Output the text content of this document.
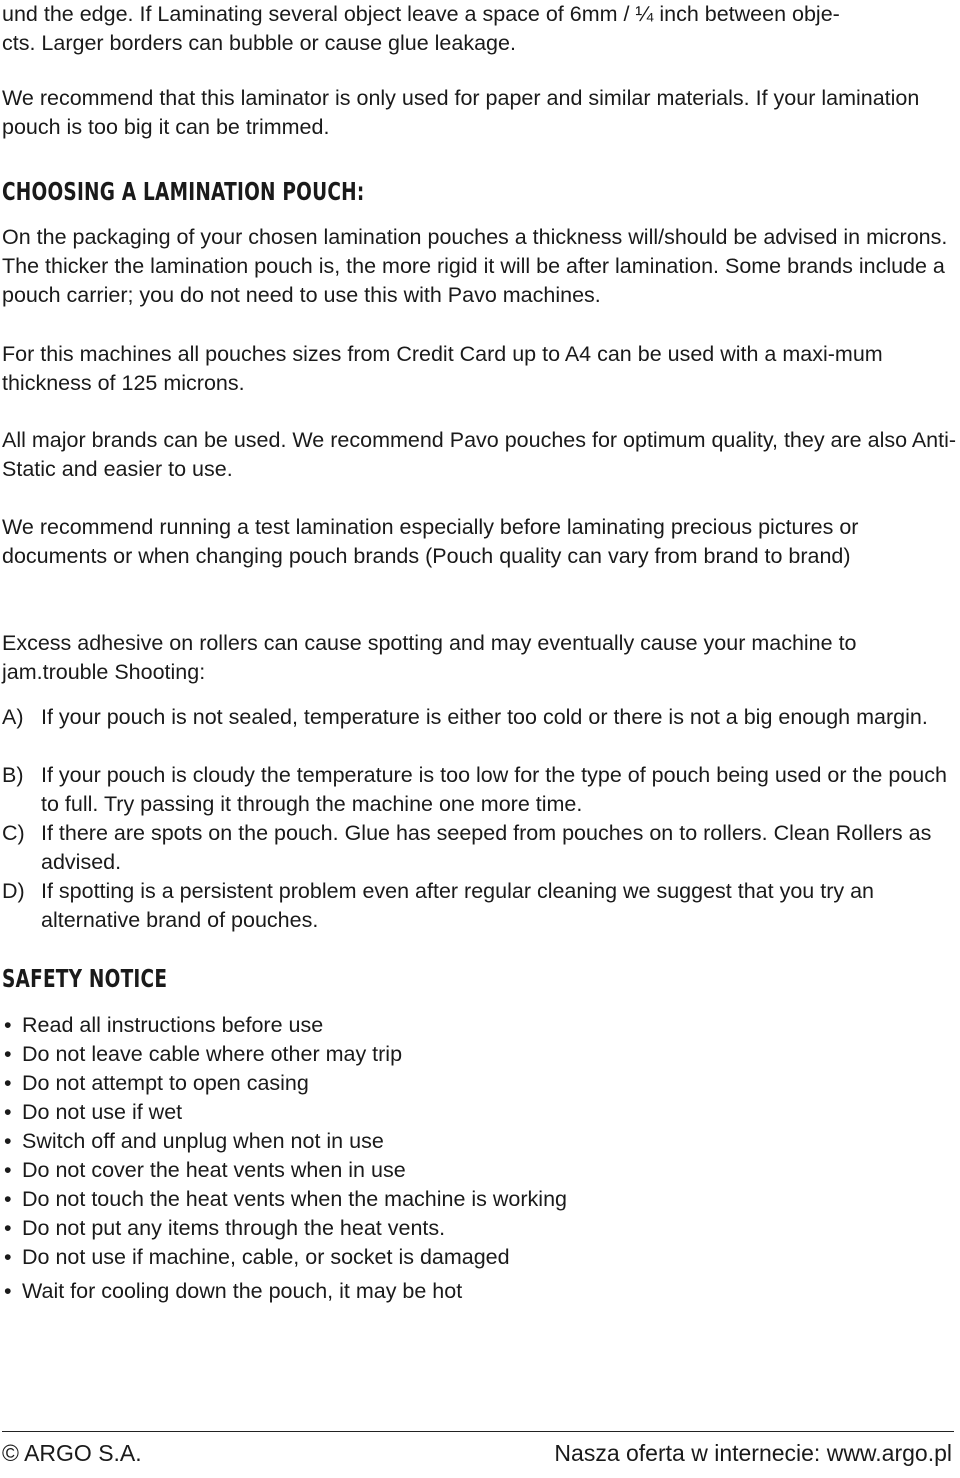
und the edge. If Laminating several object leave a space of 6mm / ¼ inch between obje-
cts. Larger borders can bubble or cause glue leakage.

We recommend that this laminator is only used for paper and similar materials. If your lamination pouch is too big it can be trimmed.

CHOOSING A LAMINATION POUCH:

On the packaging of your chosen lamination pouches a thickness will/should be advised in microns. The thicker the lamination pouch is, the more rigid it will be after lamination. Some brands include a pouch carrier; you do not need to use this with Pavo machines.

For this machines all pouches sizes from Credit Card up to A4 can be used with a maxi-mum thickness of 125 microns.

All major brands can be used. We recommend Pavo pouches for optimum quality, they are also Anti-Static and easier to use.

We recommend running a test lamination especially before laminating precious pictures or documents or when changing pouch brands (Pouch quality can vary from brand to brand)

Excess adhesive on rollers can cause spotting and may eventually cause your machine to jam.trouble Shooting:

A) If your pouch is not sealed, temperature is either too cold or there is not a big enough margin.
B) If your pouch is cloudy the temperature is too low for the type of pouch being used or the pouch to full. Try passing it through the machine one more time.
C) If there are spots on the pouch. Glue has seeped from pouches on to rollers. Clean Rollers as advised.
D) If spotting is a persistent problem even after regular cleaning we suggest that you try an alternative brand of pouches.
SAFETY NOTICE
• Read all instructions before use
• Do not leave cable where other may trip
• Do not attempt to open casing
• Do not use if wet
• Switch off and unplug when not in use
• Do not cover the heat vents when in use
• Do not touch the heat vents when the machine is working
• Do not put any items through the heat vents.
• Do not use if machine, cable, or socket is damaged
• Wait for cooling down the pouch, it may be hot
© ARGO S.A.	Nasza oferta w internecie: www.argo.pl
